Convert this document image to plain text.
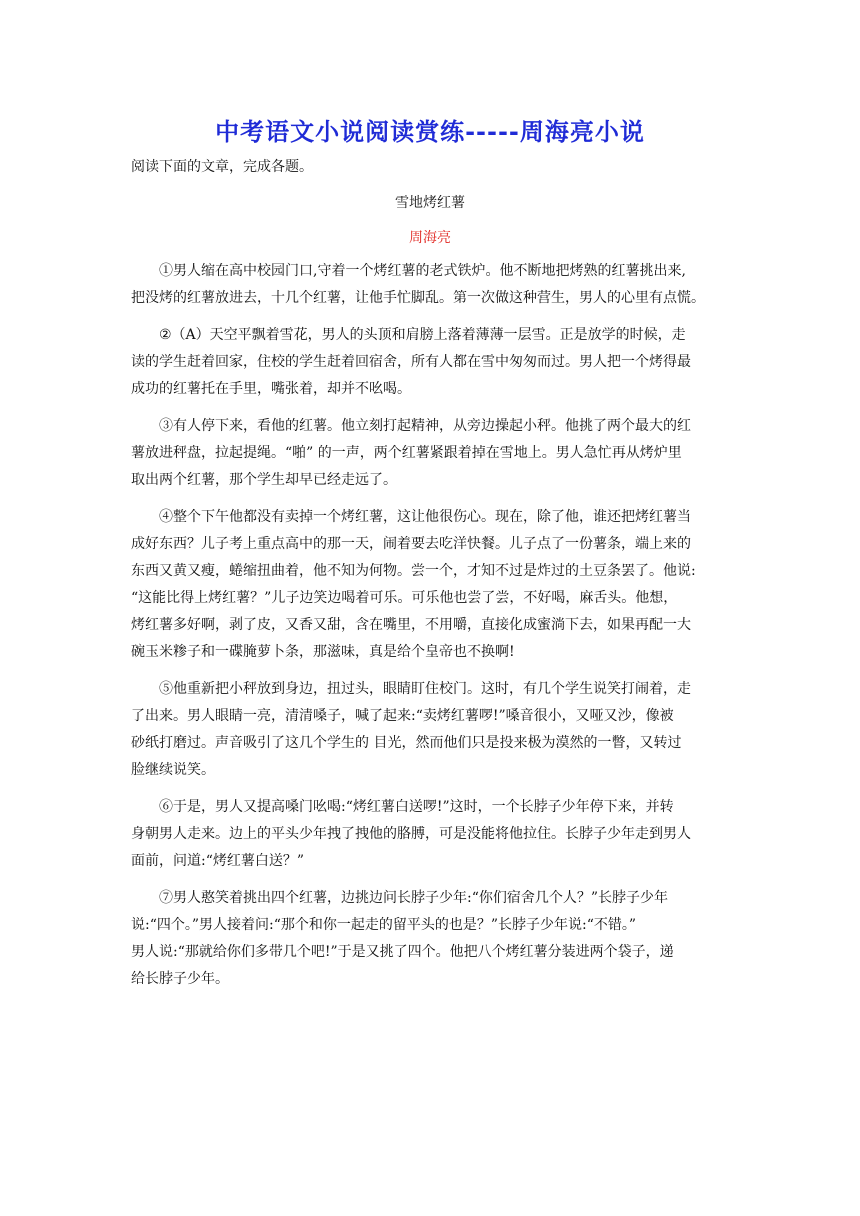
中考语文小说阅读赏练-----周海亮小说
阅读下面的文章，完成各题。
雪地烤红薯
周海亮
①男人缩在高中校园门口,守着一个烤红薯的老式铁炉。他不断地把烤熟的红薯挑出来,
把没烤的红薯放进去，十几个红薯，让他手忙脚乱。第一次做这种营生，男人的心里有点慌。
②（A）天空平飘着雪花，男人的头顶和肩膀上落着薄薄一层雪。正是放学的时候，走
读的学生赶着回家，住校的学生赶着回宿舍，所有人都在雪中匆匆而过。男人把一个烤得最
成功的红薯托在手里，嘴张着，却并不吆喝。
③有人停下来，看他的红薯。他立刻打起精神，从旁边操起小秤。他挑了两个最大的红
薯放进秤盘，拉起提绳。“啪” 的一声，两个红薯紧跟着掉在雪地上。男人急忙再从烤炉里
取出两个红薯，那个学生却早已经走远了。
④整个下午他都没有卖掉一个烤红薯，这让他很伤心。现在，除了他，谁还把烤红薯当
成好东西？儿子考上重点高中的那一天，闹着要去吃洋快餐。儿子点了一份薯条，端上来的
东西又黄又瘦，蜷缩扭曲着，他不知为何物。尝一个，才知不过是炸过的土豆条罢了。他说:
“这能比得上烤红薯？”儿子边笑边喝着可乐。可乐他也尝了尝，不好喝，麻舌头。他想，
烤红薯多好啊，剥了皮，又香又甜，含在嘴里，不用嚼，直接化成蜜淌下去，如果再配一大
碗玉米糁子和一碟腌萝卜条，那滋味，真是给个皇帝也不换啊!
⑤他重新把小秤放到身边，扭过头，眼睛盯住校门。这时，有几个学生说笑打闹着，走
了出来。男人眼睛一亮，清清嗓子，喊了起来:“卖烤红薯啰!”嗓音很小，又哑又沙，像被
砂纸打磨过。声音吸引了这几个学生的 目光，然而他们只是投来极为漠然的一瞥，又转过
脸继续说笑。
⑥于是，男人又提高嗓门吆喝:“烤红薯白送啰!”这时，一个长脖子少年停下来，并转
身朝男人走来。边上的平头少年拽了拽他的胳膊，可是没能将他拉住。长脖子少年走到男人
面前，问道:“烤红薯白送？”
⑦男人憨笑着挑出四个红薯，边挑边问长脖子少年:“你们宿舍几个人？”长脖子少年
说:“四个。”男人接着问:“那个和你一起走的留平头的也是？”长脖子少年说:“不错。”
男人说:“那就给你们多带几个吧!”于是又挑了四个。他把八个烤红薯分装进两个袋子，递
给长脖子少年。
